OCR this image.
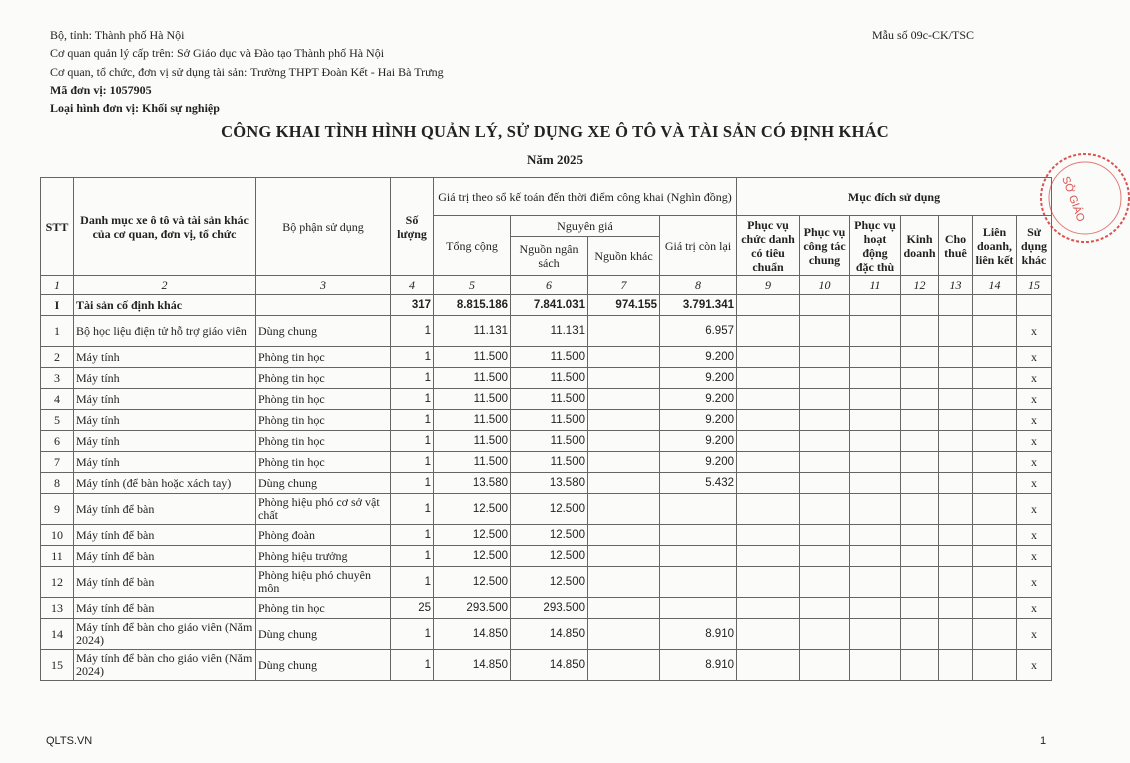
Bộ, tỉnh: Thành phố Hà Nội
Cơ quan quản lý cấp trên: Sở Giáo dục và Đào tạo Thành phố Hà Nội
Cơ quan, tổ chức, đơn vị sử dụng tài sản: Trường THPT Đoàn Kết - Hai Bà Trưng
Mã đơn vị: 1057905
Loại hình đơn vị: Khối sự nghiệp
Mẫu số 09c-CK/TSC
CÔNG KHAI TÌNH HÌNH QUẢN LÝ, SỬ DỤNG XE Ô TÔ VÀ TÀI SẢN CÓ ĐỊNH KHÁC
Năm 2025
SỞ GIÁO
STT	Danh mục xe ô tô và tài sản khác của cơ quan, đơn vị, tổ chức	Bộ phận sử dụng	Số lượng	Giá trị theo sổ kế toán đến thời điểm công khai (Nghìn đồng)				Mục đích sử dụng						
				Tổng cộng	Nguyên giá		Giá trị còn lại	Phục vụ chức danh có tiêu chuẩn	Phục vụ công tác chung	Phục vụ hoạt động đặc thù	Kinh doanh	Cho thuê	Liên doanh, liên kết	Sử dụng khác
					Nguồn ngân sách	Nguồn khác								
1	2	3	4	5	6	7	8	9	10	11	12	13	14	15
I	Tài sản cố định khác		317	8.815.186	7.841.031	974.155	3.791.341							
1	Bộ học liệu điện tử hỗ trợ giáo viên	Dùng chung	1	11.131	11.131		6.957							x
2	Máy tính	Phòng tin học	1	11.500	11.500		9.200							x
3	Máy tính	Phòng tin học	1	11.500	11.500		9.200							x
4	Máy tính	Phòng tin học	1	11.500	11.500		9.200							x
5	Máy tính	Phòng tin học	1	11.500	11.500		9.200							x
6	Máy tính	Phòng tin học	1	11.500	11.500		9.200							x
7	Máy tính	Phòng tin học	1	11.500	11.500		9.200							x
8	Máy tính (để bàn hoặc xách tay)	Dùng chung	1	13.580	13.580		5.432							x
9	Máy tính để bàn	Phòng hiệu phó cơ sở vật chất	1	12.500	12.500									x
10	Máy tính để bàn	Phòng đoàn	1	12.500	12.500									x
11	Máy tính để bàn	Phòng hiệu trưởng	1	12.500	12.500									x
12	Máy tính để bàn	Phòng hiệu phó chuyên môn	1	12.500	12.500									x
13	Máy tính để bàn	Phòng tin học	25	293.500	293.500									x
14	Máy tính để bàn cho giáo viên (Năm 2024)	Dùng chung	1	14.850	14.850		8.910							x
15	Máy tính để bàn cho giáo viên (Năm 2024)	Dùng chung	1	14.850	14.850		8.910							x
QLTS.VN	1
